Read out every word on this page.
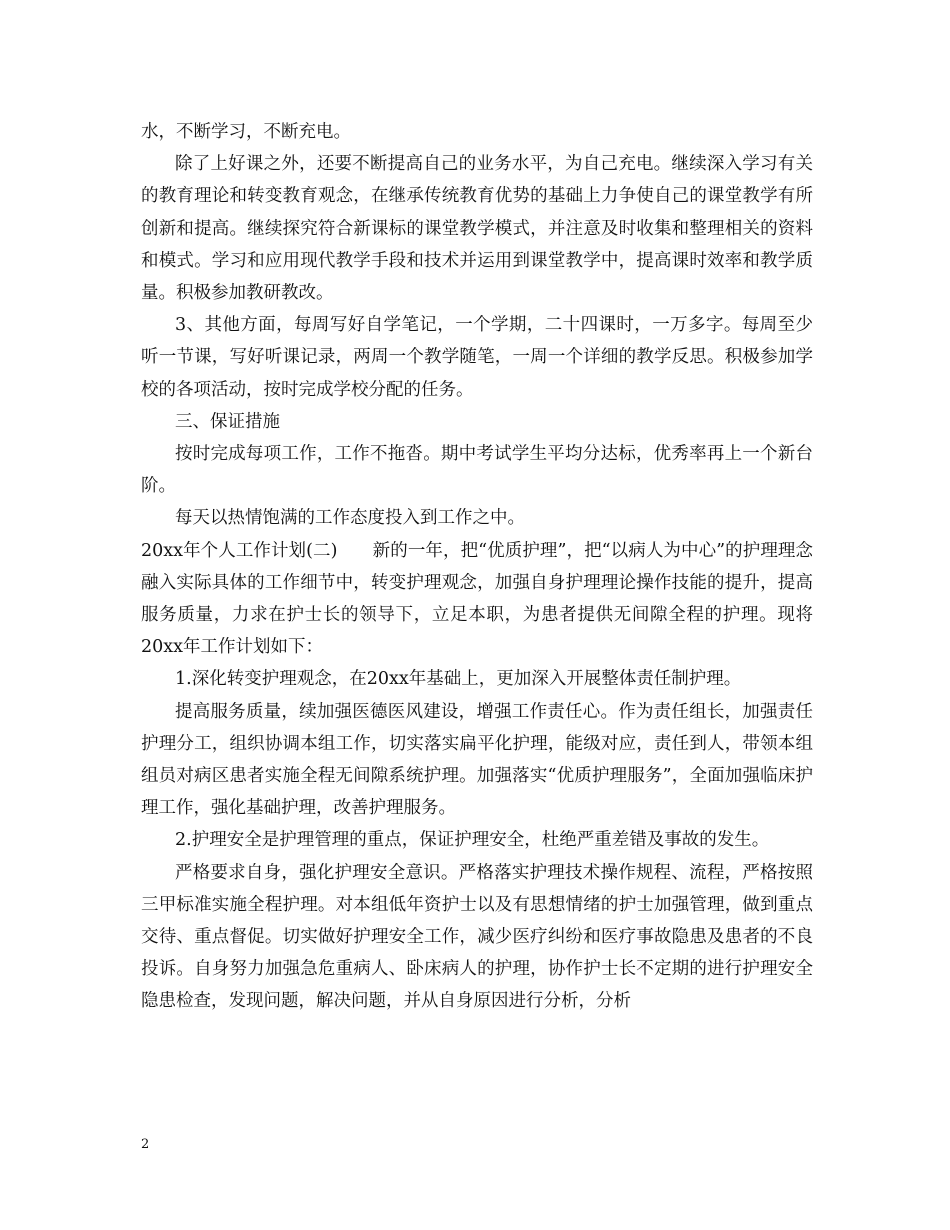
水，不断学习，不断充电。

除了上好课之外，还要不断提高自己的业务水平，为自己充电。继续深入学习有关的教育理论和转变教育观念，在继承传统教育优势的基础上力争使自己的课堂教学有所创新和提高。继续探究符合新课标的课堂教学模式，并注意及时收集和整理相关的资料和模式。学习和应用现代教学手段和技术并运用到课堂教学中，提高课时效率和教学质量。积极参加教研教改。

3、其他方面，每周写好自学笔记，一个学期，二十四课时，一万多字。每周至少听一节课，写好听课记录，两周一个教学随笔，一周一个详细的教学反思。积极参加学校的各项活动，按时完成学校分配的任务。

三、保证措施

按时完成每项工作，工作不拖沓。期中考试学生平均分达标，优秀率再上一个新台阶。

每天以热情饱满的工作态度投入到工作之中。

20xx年个人工作计划(二)　　新的一年，把“优质护理”，把“以病人为中心”的护理理念融入实际具体的工作细节中，转变护理观念，加强自身护理理论操作技能的提升，提高服务质量，力求在护士长的领导下，立足本职，为患者提供无间隙全程的护理。现将20xx年工作计划如下：

1.深化转变护理观念，在20xx年基础上，更加深入开展整体责任制护理。

提高服务质量，续加强医德医风建设，增强工作责任心。作为责任组长，加强责任护理分工，组织协调本组工作，切实落实扁平化护理，能级对应，责任到人，带领本组组员对病区患者实施全程无间隙系统护理。加强落实“优质护理服务”，全面加强临床护理工作，强化基础护理，改善护理服务。

2.护理安全是护理管理的重点，保证护理安全，杜绝严重差错及事故的发生。

严格要求自身，强化护理安全意识。严格落实护理技术操作规程、流程，严格按照三甲标准实施全程护理。对本组低年资护士以及有思想情绪的护士加强管理，做到重点交待、重点督促。切实做好护理安全工作，减少医疗纠纷和医疗事故隐患及患者的不良投诉。自身努力加强急危重病人、卧床病人的护理，协作护士长不定期的进行护理安全隐患检查，发现问题，解决问题，并从自身原因进行分析，分析

2
